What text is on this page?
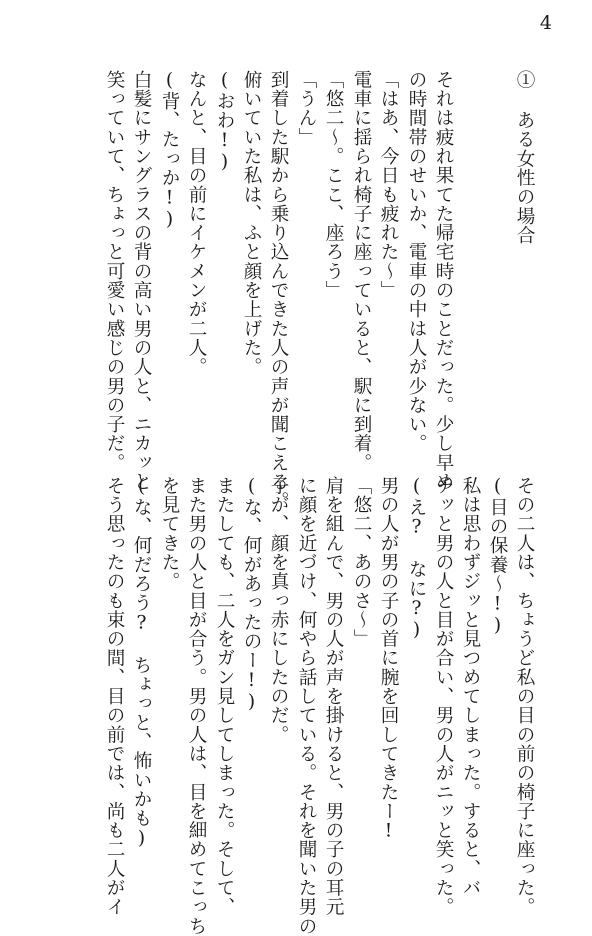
4
① ある女性の場合
それは疲れ果てた帰宅時のことだった。少し早め
の時間帯のせいか、電車の中は人が少ない。
「はあ、今日も疲れた〜」
電車に揺られ椅子に座っていると、駅に到着。
「悠二〜。ここ、座ろう」
「うん」
到着した駅から乗り込んできた人の声が聞こえる。
俯いていた私は、ふと顔を上げた。
(おわ!)
なんと、目の前にイケメンが二人。
(背、たっか!)
白髪にサングラスの背の高い男の人と、ニカッと
笑っていて、ちょっと可愛い感じの男の子だ。
その二人は、ちょうど私の目の前の椅子に座った。
(目の保養〜!)
私は思わずジッと見つめてしまった。すると、バ
チッと男の人と目が合い、男の人がニッと笑った。
(え? なに?)
男の人が男の子の首に腕を回してきたー!
「悠二、あのさ〜」
肩を組んで、男の人が声を掛けると、男の子の耳元
に顔を近づけ、何やら話している。それを聞いた男の
子が、顔を真っ赤にしたのだ。
(な、何があったのー!)
またしても、二人をガン見してしまった。そして、
また男の人と目が合う。男の人は、目を細めてこっち
を見てきた。
(な、何だろう? ちょっと、怖いかも)
そう思ったのも束の間、目の前では、尚も二人がイ
